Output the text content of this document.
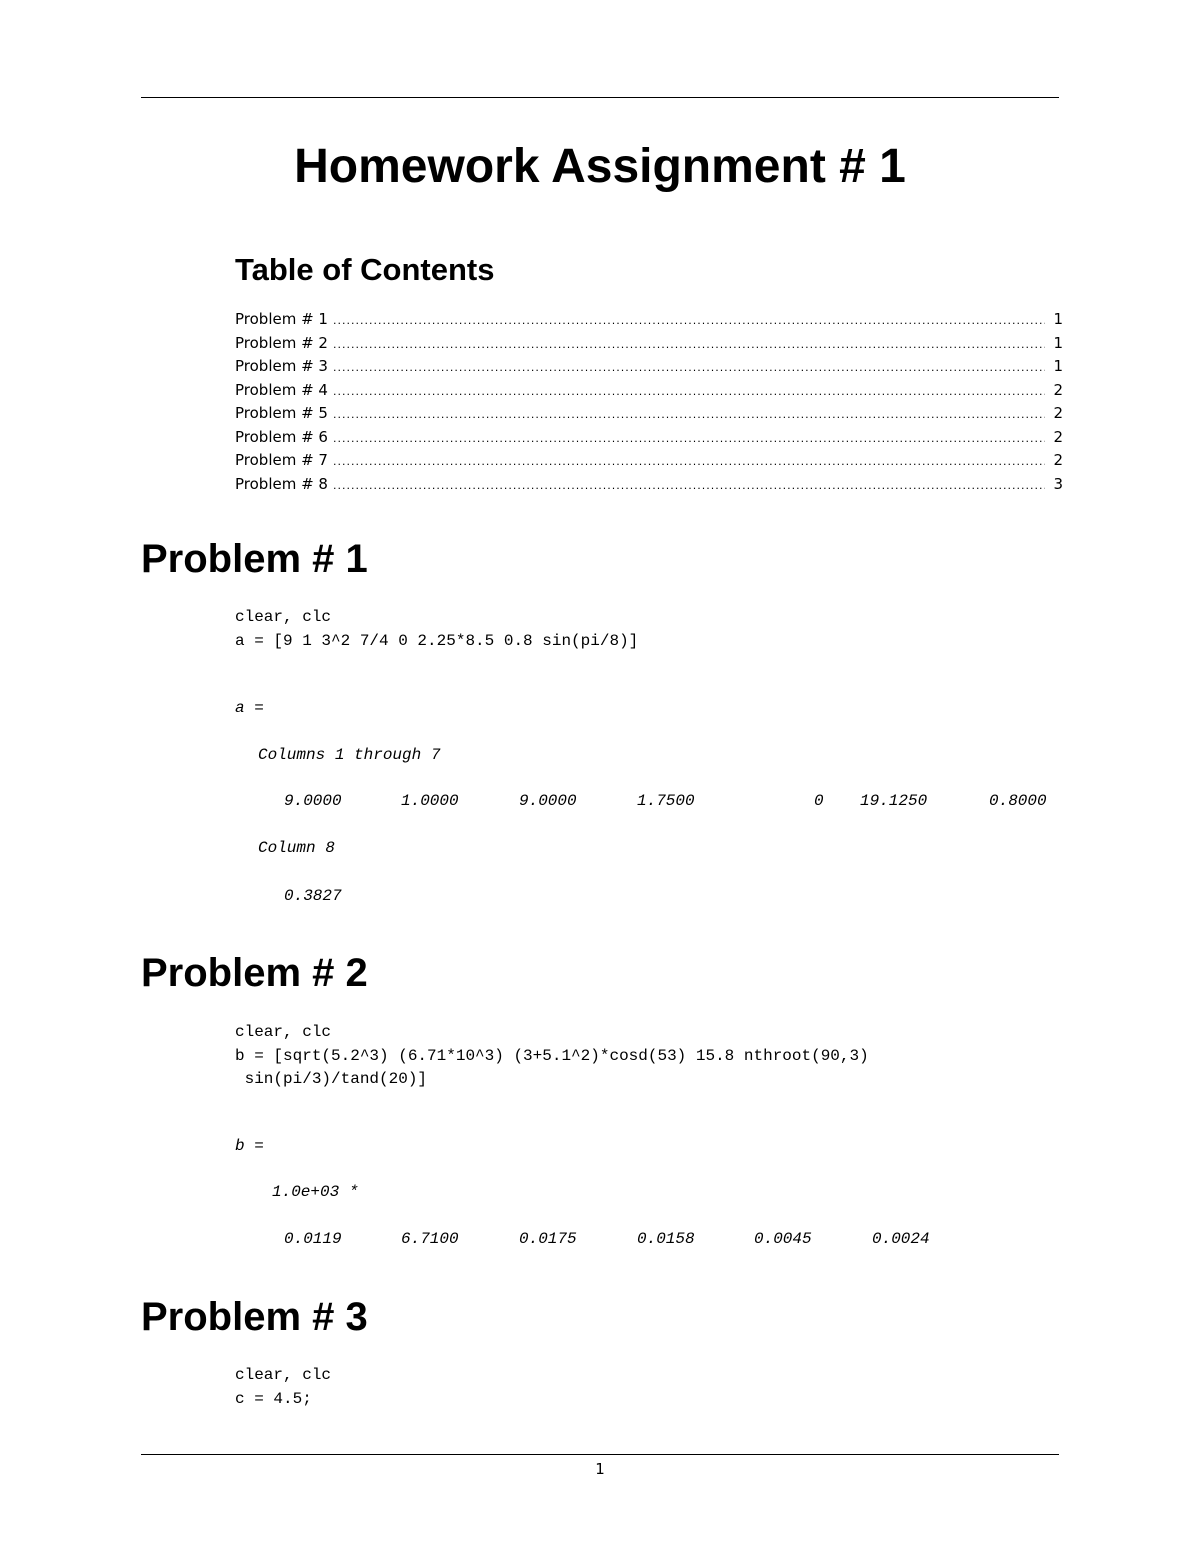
Homework Assignment # 1
Table of Contents
Problem # 1 .....	1
Problem # 2 .....	1
Problem # 3 .....	1
Problem # 4 .....	2
Problem # 5 .....	2
Problem # 6 .....	2
Problem # 7 .....	2
Problem # 8 .....	3
Problem # 1
clear, clc
a = [9 1 3^2 7/4 0 2.25*8.5 0.8 sin(pi/8)]
a =
Columns 1 through 7
9.0000	1.0000	9.0000	1.7500	0 19.1250	0.8000
Column 8
0.3827
Problem # 2
clear, clc
b = [sqrt(5.2^3) (6.71*10^3) (3+5.1^2)*cosd(53) 15.8 nthroot(90,3)
sin(pi/3)/tand(20)]
b =
1.0e+03 *
0.0119	6.7100	0.0175	0.0158	0.0045	0.0024
Problem # 3
clear, clc
c = 4.5;
1
